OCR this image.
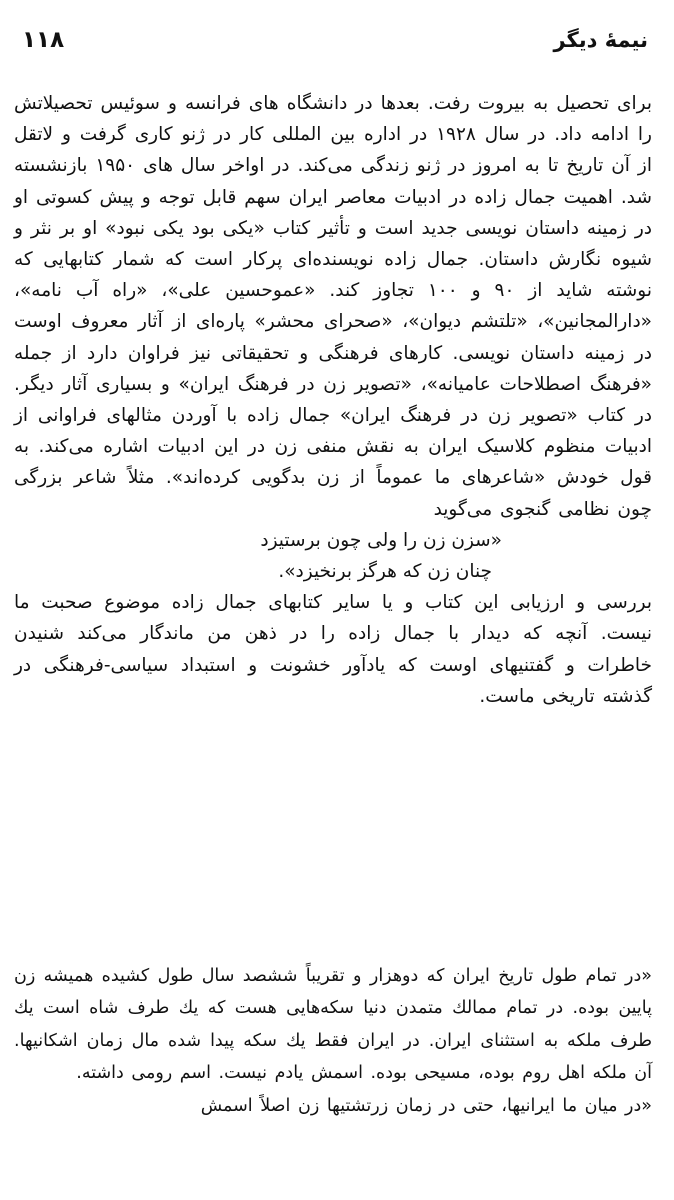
نیمهٔ دیگر
۱۱۸

برای تحصیل به بیروت رفت. بعدها در دانشگاه های فرانسه و سوئیس تحصیلاتش را ادامه داد. در سال ۱۹۲۸ در اداره بین المللی کار در ژنو کاری گرفت و لاتقل از آن تاریخ تا به امروز در ژنو زندگی می‌کند. در اواخر سال های ۱۹۵۰ بازنشسته شد. اهمیت جمال زاده در ادبیات معاصر ایران سهم قابل توجه و پیش کسوتی او در زمینه داستان نویسی جدید است و تأثیر کتاب «یکی بود یکی نبود» او بر نثر و شیوه نگارش داستان. جمال زاده نویسنده‌ای پرکار است که شمار کتابهایی که نوشته شاید از ۹۰ و ۱۰۰ تجاوز کند. «عموحسین علی»، «راه آب نامه»، «دارالمجانین»، «تلتشم دیوان»، «صحرای محشر» پاره‌ای از آثار معروف اوست در زمینه داستان نویسی. کارهای فرهنگی و تحقیقاتی نیز فراوان دارد از جمله «فرهنگ اصطلاحات عامیانه»، «تصویر زن در فرهنگ ایران» و بسیاری آثار دیگر. در کتاب «تصویر زن در فرهنگ ایران» جمال زاده با آوردن مثالهای فراوانی از ادبیات منظوم کلاسیک ایران به نقش منفی زن در این ادبیات اشاره می‌کند. به قول خودش «شاعرهای ما عموماً از زن بدگویی کرده‌اند». مثلاً شاعر بزرگی چون نظامی گنجوی می‌گوید

«سزن زن را ولی چون برستیزد
چنان زن که هرگز برنخیزد».

بررسی و ارزیابی این کتاب و یا سایر کتابهای جمال زاده موضوع صحبت ما نیست. آنچه که دیدار با جمال زاده را در ذهن من ماندگار می‌کند شنیدن خاطرات و گفتنیهای اوست که یادآور خشونت و استبداد سیاسی-فرهنگی در گذشته تاریخی ماست.

«در تمام طول تاریخ ایران که دوهزار و تقریباً ششصد سال طول کشیده همیشه زن پایین بوده. در تمام ممالك متمدن دنیا سکه‌هایی هست که یك طرف شاه است یك طرف ملکه به استثنای ایران. در ایران فقط یك سکه پیدا شده مال زمان اشکانیها. آن ملکه اهل روم بوده، مسیحی بوده. اسمش یادم نیست. اسم رومی داشته.

«در میان ما ایرانیها، حتی در زمان زرتشتیها زن اصلاً اسمش
